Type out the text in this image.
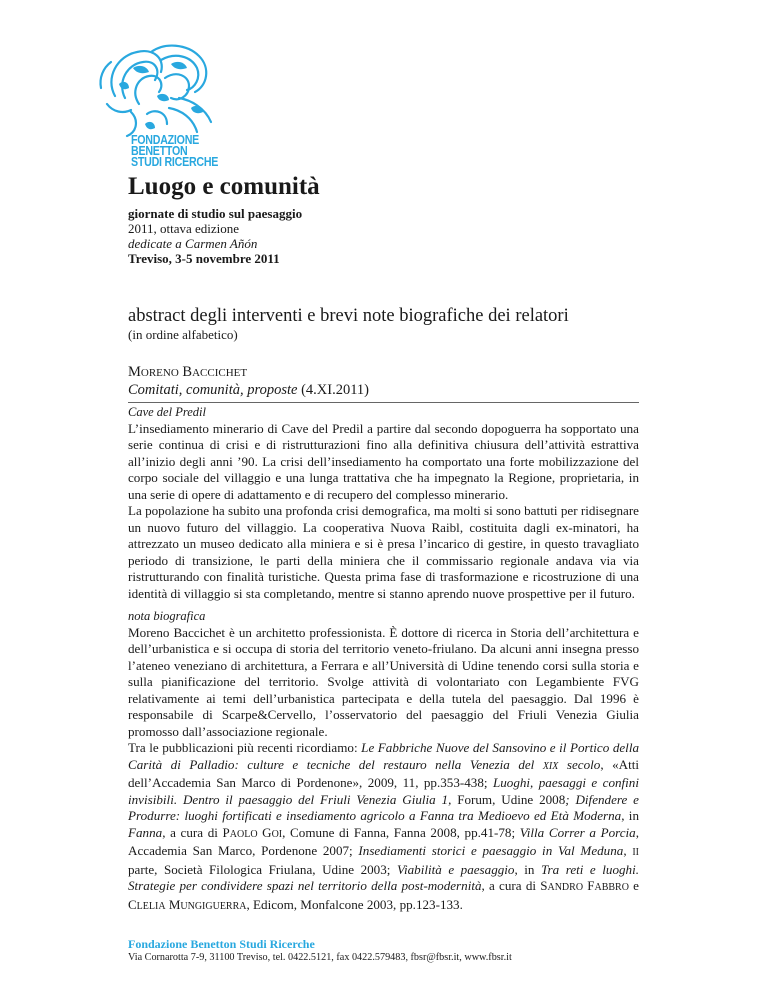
FONDAZIONE
BENETTON
STUDI RICERCHE
Luogo e comunità
giornate di studio sul paesaggio
2011, ottava edizione
dedicate a Carmen Añón
Treviso, 3-5 novembre 2011
abstract degli interventi e brevi note biografiche dei relatori
(in ordine alfabetico)
MORENO BACCICHET
Comitati, comunità, proposte (4.XI.2011)

Cave del Predil

L’insediamento minerario di Cave del Predil a partire dal secondo dopoguerra ha sopportato una serie continua di crisi e di ristrutturazioni fino alla definitiva chiusura dell’attività estrattiva all’inizio degli anni ’90. La crisi dell’insediamento ha comportato una forte mobilizzazione del corpo sociale del villaggio e una lunga trattativa che ha impegnato la Regione, proprietaria, in una serie di opere di adattamento e di recupero del complesso minerario.

La popolazione ha subito una profonda crisi demografica, ma molti si sono battuti per ridisegnare un nuovo futuro del villaggio. La cooperativa Nuova Raibl, costituita dagli ex-minatori, ha attrezzato un museo dedicato alla miniera e si è presa l’incarico di gestire, in questo travagliato periodo di transizione, le parti della miniera che il commissario regionale andava via via ristrutturando con finalità turistiche. Questa prima fase di trasformazione e ricostruzione di una identità di villaggio si sta completando, mentre si stanno aprendo nuove prospettive per il futuro.

nota biografica

Moreno Baccichet è un architetto professionista. È dottore di ricerca in Storia dell’architettura e dell’urbanistica e si occupa di storia del territorio veneto-friulano. Da alcuni anni insegna presso l’ateneo veneziano di architettura, a Ferrara e all’Università di Udine tenendo corsi sulla storia e sulla pianificazione del territorio. Svolge attività di volontariato con Legambiente FVG relativamente ai temi dell’urbanistica partecipata e della tutela del paesaggio. Dal 1996 è responsabile di Scarpe&Cervello, l’osservatorio del paesaggio del Friuli Venezia Giulia promosso dall’associazione regionale.

Tra le pubblicazioni più recenti ricordiamo: Le Fabbriche Nuove del Sansovino e il Portico della Carità di Palladio: culture e tecniche del restauro nella Venezia del XIX secolo, «Atti dell’Accademia San Marco di Pordenone», 2009, 11, pp.353-438; Luoghi, paesaggi e confini invisibili. Dentro il paesaggio del Friuli Venezia Giulia 1, Forum, Udine 2008; Difendere e Produrre: luoghi fortificati e insediamento agricolo a Fanna tra Medioevo ed Età Moderna, in Fanna, a cura di PAOLO GOI, Comune di Fanna, Fanna 2008, pp.41-78; Villa Correr a Porcia, Accademia San Marco, Pordenone 2007; Insediamenti storici e paesaggio in Val Meduna, II parte, Società Filologica Friulana, Udine 2003; Viabilità e paesaggio, in Tra reti e luoghi. Strategie per condividere spazi nel territorio della post-modernità, a cura di SANDRO FABBRO e CLELIA MUNGIGUERRA, Edicom, Monfalcone 2003, pp.123-133.

Fondazione Benetton Studi Ricerche
Via Cornarotta 7-9, 31100 Treviso, tel. 0422.5121, fax 0422.579483, fbsr@fbsr.it, www.fbsr.it
